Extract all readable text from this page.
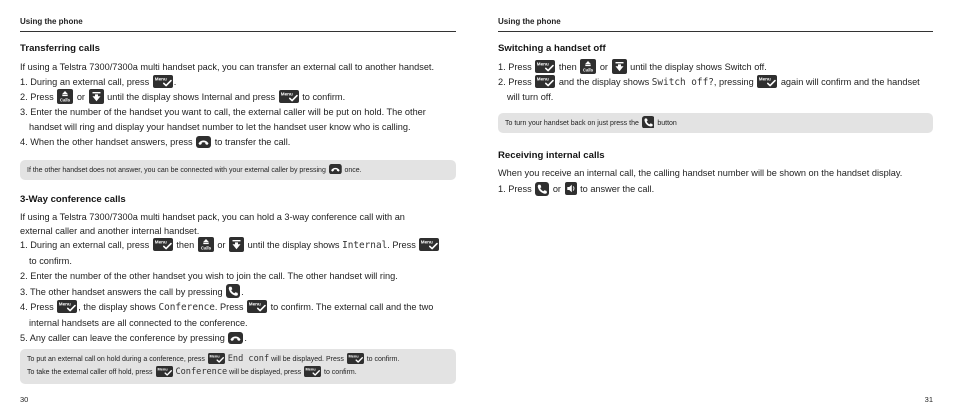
Using the phone
Transferring calls
If using a Telstra 7300/7300a multi handset pack, you can transfer an external call to another handset.
1. During an external call, press Menu .
2. Press Calls or
until the display shows Internal and press Menu to confirm.
3. Enter the number of the handset you want to call, the external caller will be put on hold. The other
handset will ring and display your handset number to let the handset user know who is calling.
4. When the other handset answers, press
to transfer the call.
If the other handset does not answer, you can be connected with your external caller by pressing
once.
3-Way conference calls
If using a Telstra 7300/7300a multi handset pack, you can hold a 3-way conference call with an
external caller and another internal handset.
1. During an external call, press Menu then Calls or
until the display shows Internal. Press Menu
to confirm.
2. Enter the number of the other handset you wish to join the call. The other handset will ring.
3. The other handset answers the call by pressing
.
4. Press Menu , the display shows Conference. Press Menu to confirm. The external call and the two
internal handsets are all connected to the conference.
5. Any caller can leave the conference by pressing
.
To put an external call on hold during a conference, press
Menu End conf will be displayed. Press
Menu
to confirm.
To take the external caller off hold, press
Menu Conference will be displayed, press
Menu
to confirm.
30
Using the phone
Switching a handset off
1. Press Menu then Calls or
until the display shows Switch off.
2. Press Menu and the display shows Switch off?, pressing Menu again will confirm and the handset
will turn off.
To turn your handset back on just press the
button
Receiving internal calls
When you receive an internal call, the calling handset number will be shown on the handset display.
1. Press
or
to answer the call.
31
